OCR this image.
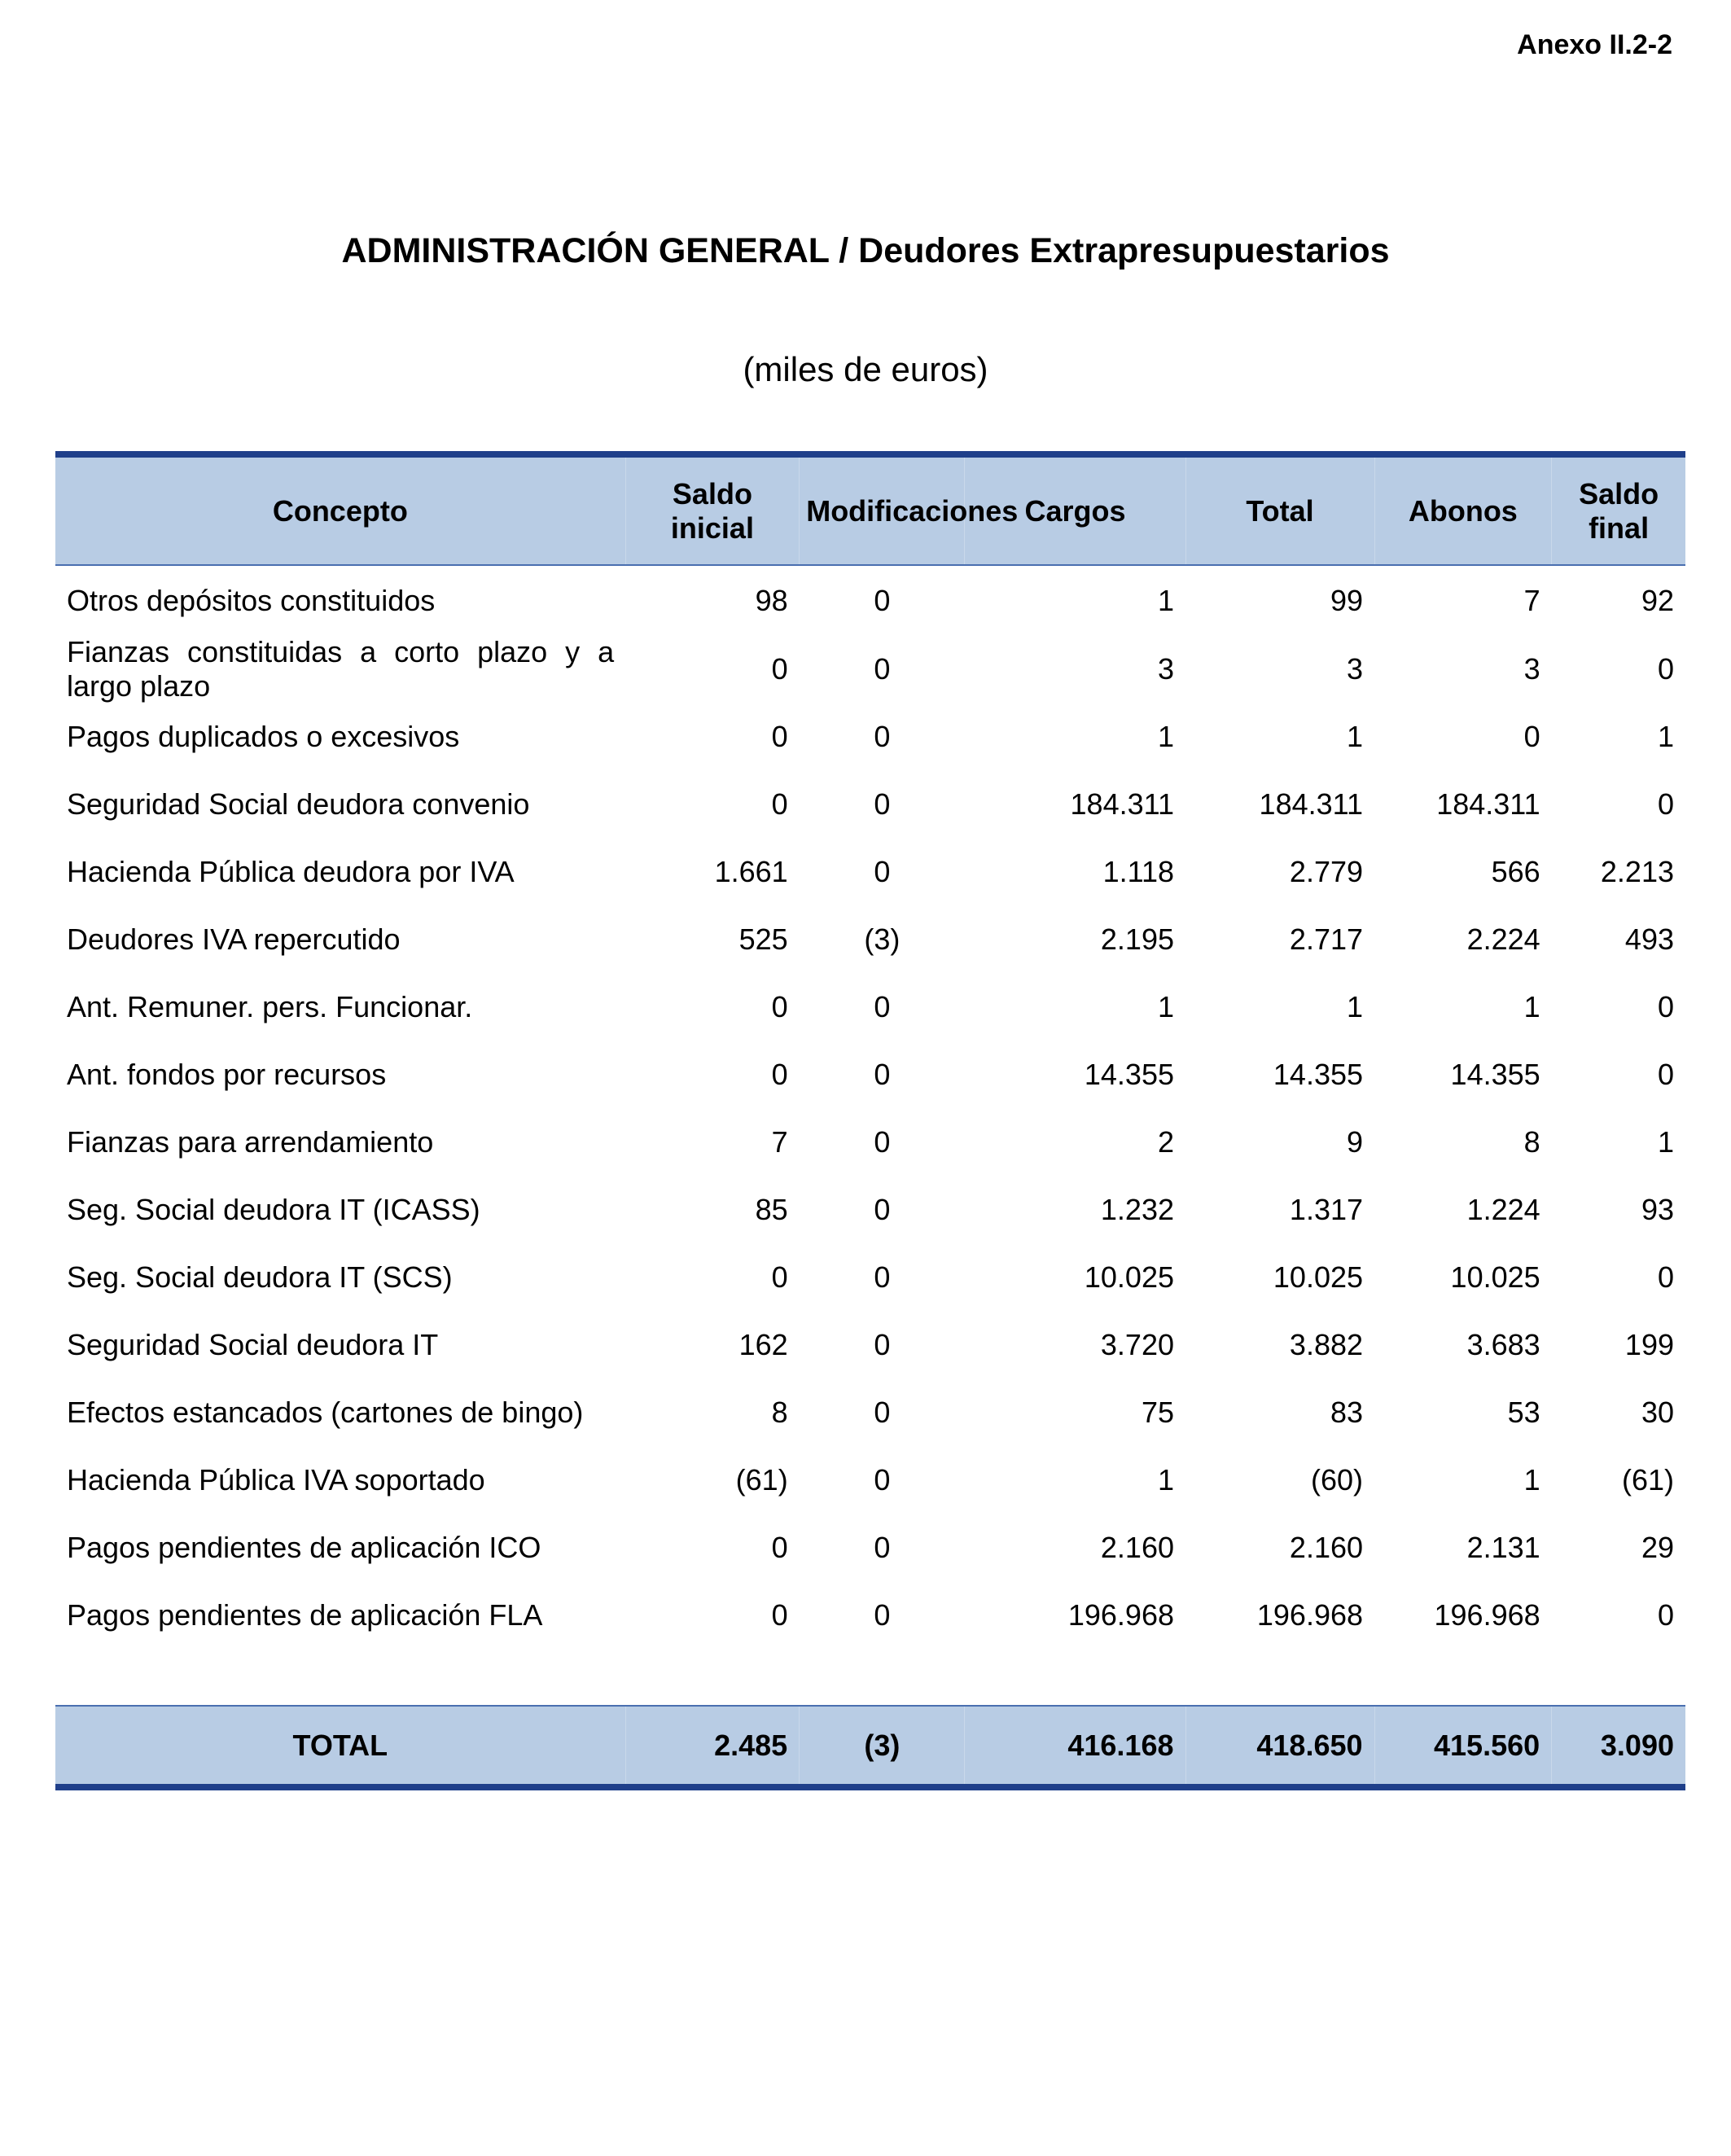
Anexo II.2-2
ADMINISTRACIÓN GENERAL / Deudores Extrapresupuestarios
(miles de euros)
Concepto	Saldo inicial	Modificaciones	Cargos	Total	Abonos	Saldo final
Otros depósitos constituidos	98	0	1	99	7	92
Fianzas constituidas a corto plazo y a largo plazo	0	0	3	3	3	0
Pagos duplicados o excesivos	0	0	1	1	0	1
Seguridad Social deudora convenio	0	0	184.311	184.311	184.311	0
Hacienda Pública deudora por IVA	1.661	0	1.118	2.779	566	2.213
Deudores IVA repercutido	525	(3)	2.195	2.717	2.224	493
Ant. Remuner. pers. Funcionar.	0	0	1	1	1	0
Ant. fondos por recursos	0	0	14.355	14.355	14.355	0
Fianzas para arrendamiento	7	0	2	9	8	1
Seg. Social deudora IT (ICASS)	85	0	1.232	1.317	1.224	93
Seg. Social deudora IT (SCS)	0	0	10.025	10.025	10.025	0
Seguridad Social deudora IT	162	0	3.720	3.882	3.683	199
Efectos estancados (cartones de bingo)	8	0	75	83	53	30
Hacienda Pública IVA soportado	(61)	0	1	(60)	1	(61)
Pagos pendientes de aplicación ICO	0	0	2.160	2.160	2.131	29
Pagos pendientes de aplicación FLA	0	0	196.968	196.968	196.968	0

TOTAL	2.485	(3)	416.168	418.650	415.560	3.090
